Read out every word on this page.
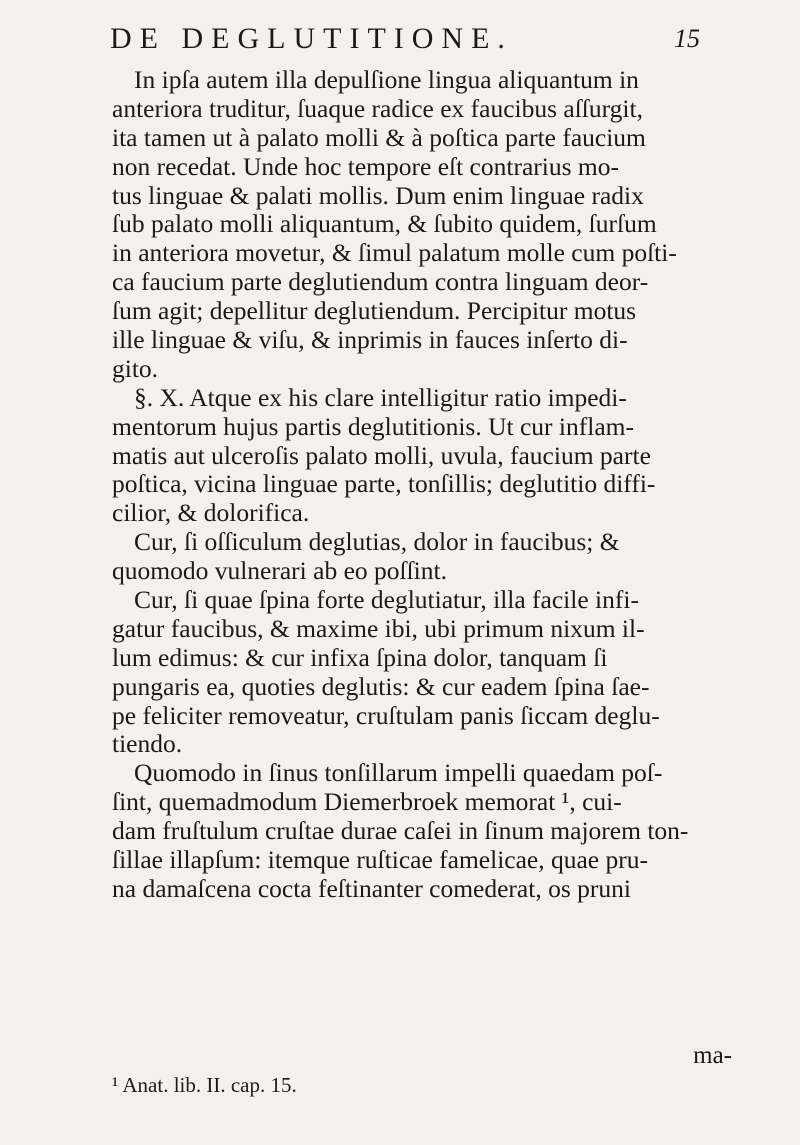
DE DEGLUTITIONE.	15
In ipſa autem illa depulſione lingua aliquantum in
anteriora truditur, ſuaque radice ex faucibus aſſurgit,
ita tamen ut à palato molli & à poſtica parte faucium
non recedat. Unde hoc tempore eſt contrarius mo-
tus linguae & palati mollis. Dum enim linguae radix
ſub palato molli aliquantum, & ſubito quidem, ſurſum
in anteriora movetur, & ſimul palatum molle cum poſti-
ca faucium parte deglutiendum contra linguam deor-
ſum agit; depellitur deglutiendum. Percipitur motus
ille linguae & viſu, & inprimis in fauces inſerto di-
gito.
§. X. Atque ex his clare intelligitur ratio impedi-
mentorum hujus partis deglutitionis. Ut cur inflam-
matis aut ulceroſis palato molli, uvula, faucium parte
poſtica, vicina linguae parte, tonſillis; deglutitio diffi-
cilior, & dolorifica.
Cur, ſi oſſiculum deglutias, dolor in faucibus; &
quomodo vulnerari ab eo poſſint.
Cur, ſi quae ſpina forte deglutiatur, illa facile infi-
gatur faucibus, & maxime ibi, ubi primum nixum il-
lum edimus: & cur infixa ſpina dolor, tanquam ſi
pungaris ea, quoties deglutis: & cur eadem ſpina ſae-
pe feliciter removeatur, cruſtulam panis ſiccam deglu-
tiendo.
Quomodo in ſinus tonſillarum impelli quaedam poſ-
ſint, quemadmodum Diemerbroek memorat ¹, cui-
dam fruſtulum cruſtae durae caſei in ſinum majorem ton-
ſillae illapſum: itemque ruſticae famelicae, quae pru-
na damaſcena cocta feſtinanter comederat, os pruni
ma-
¹ Anat. lib. II. cap. 15.
